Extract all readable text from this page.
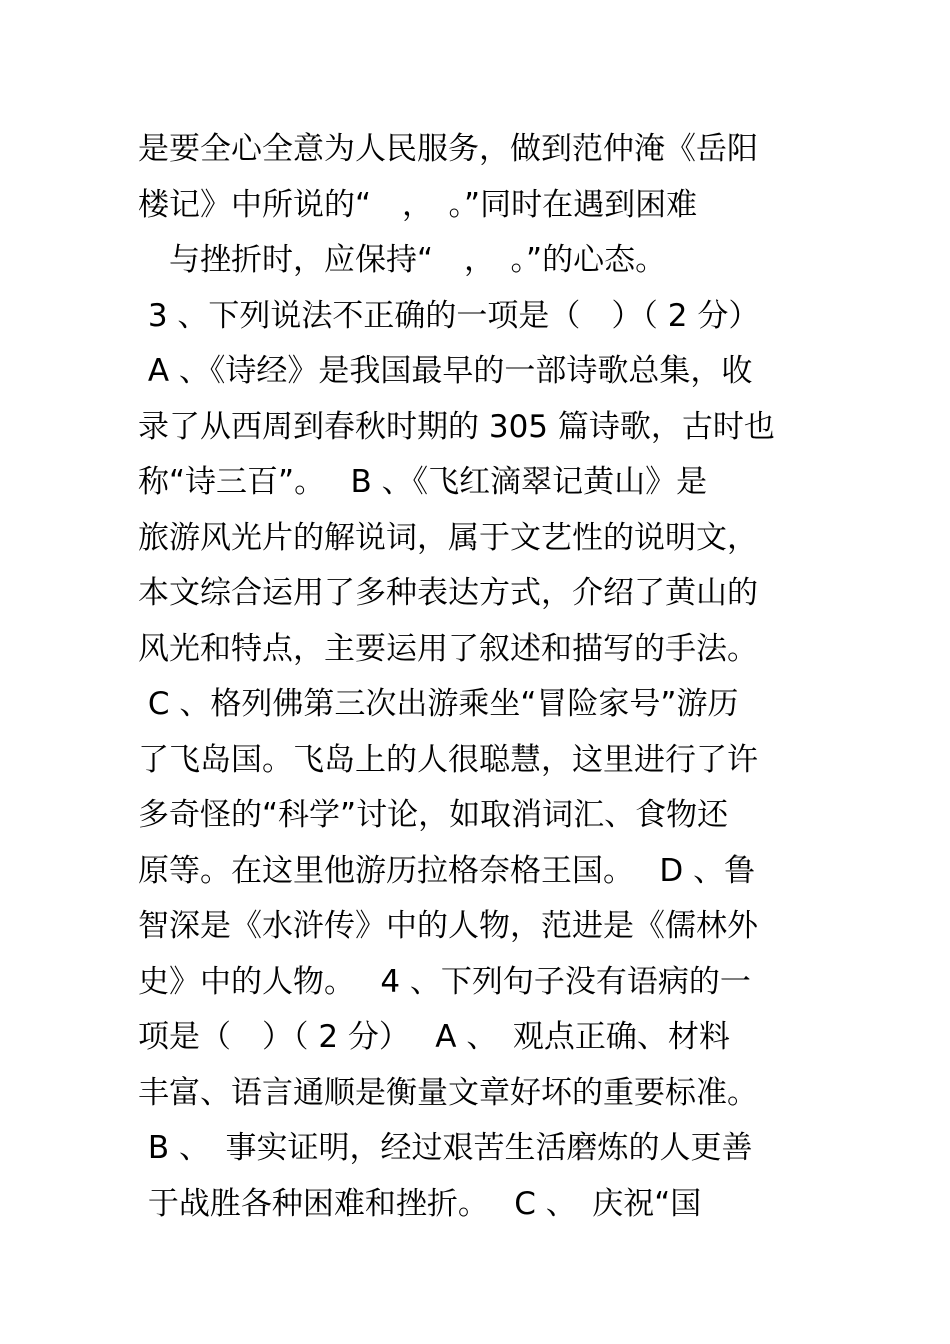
是要全心全意为人民服务，做到范仲淹《岳阳
楼记》中所说的“　，　。”同时在遇到困难
　与挫折时，应保持“　，　。”的心态。
3 、下列说法不正确的一项是（　）（ 2 分）
A 、《诗经》是我国最早的一部诗歌总集，收
录了从西周到春秋时期的 305 篇诗歌，古时也
称“诗三百”。　 B 、《飞红滴翠记黄山》是
旅游风光片的解说词，属于文艺性的说明文，
本文综合运用了多种表达方式，介绍了黄山的
风光和特点，主要运用了叙述和描写的手法。
C 、格列佛第三次出游乘坐“冒险家号”游历
了飞岛国。飞岛上的人很聪慧，这里进行了许
多奇怪的“科学”讨论，如取消词汇、食物还
原等。在这里他游历拉格奈格王国。　 D 、鲁
智深是《水浒传》中的人物，范进是《儒林外
史》中的人物。　 4 、下列句子没有语病的一
项是（　）（ 2 分）　 A 、　观点正确、材料
丰富、语言通顺是衡量文章好坏的重要标准。
B 、　事实证明，经过艰苦生活磨炼的人更善
于战胜各种困难和挫折。　 C 、　庆祝“国
